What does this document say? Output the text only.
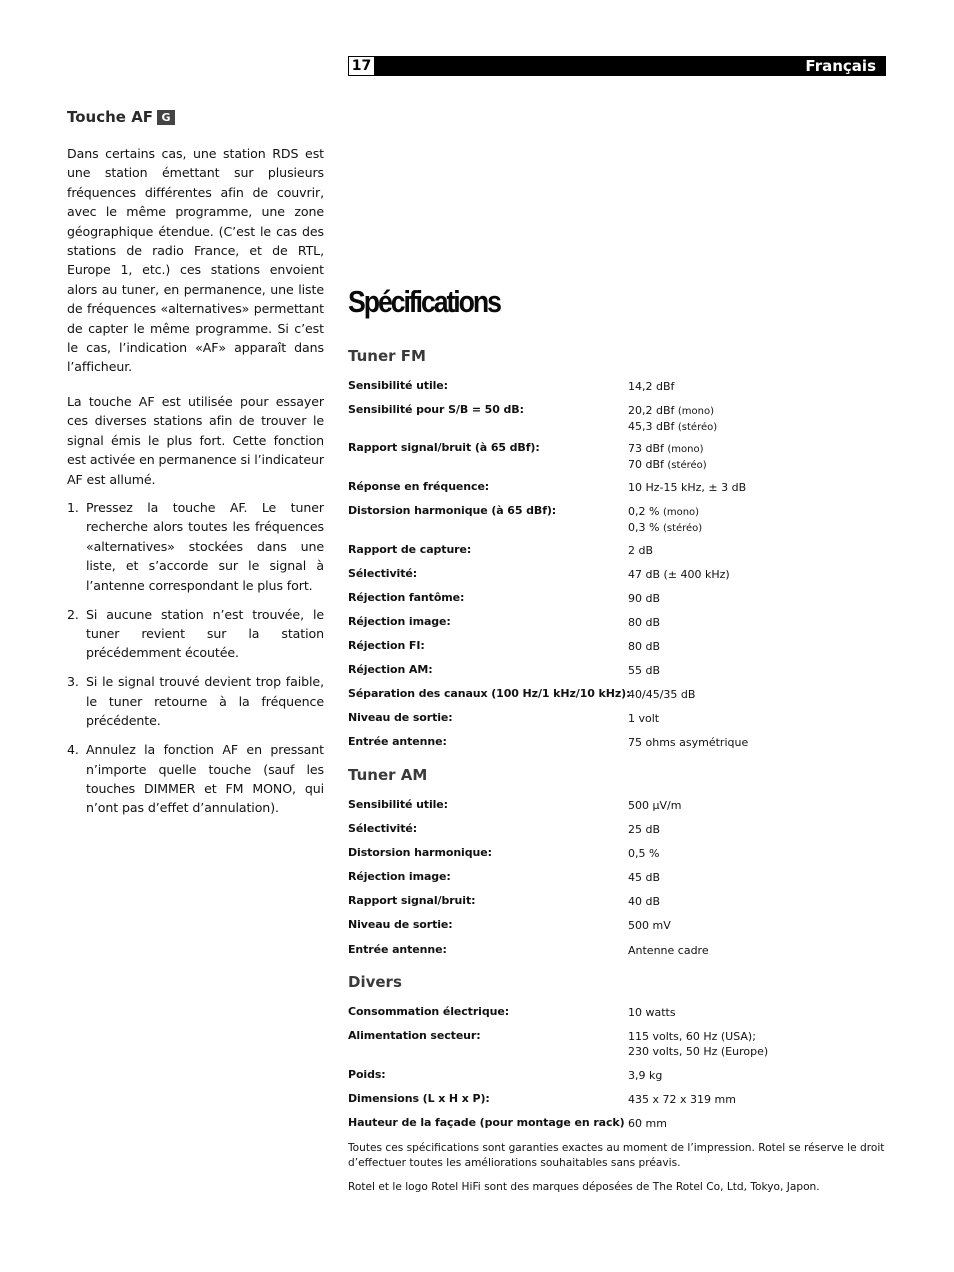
Français
17
Touche AF G

Dans certains cas, une station RDS est une station émettant sur plusieurs fréquences différentes afin de couvrir, avec le même programme, une zone géographique étendue. (C’est le cas des stations de radio France, et de RTL, Europe 1, etc.) ces stations envoient alors au tuner, en permanence, une liste de fréquences «alternatives» permettant de capter le même programme. Si c’est le cas, l’indication «AF» apparaît dans l’afficheur.

La touche AF est utilisée pour essayer ces diverses stations afin de trouver le signal émis le plus fort. Cette fonction est activée en permanence si l’indicateur AF est allumé.

1. Pressez la touche AF. Le tuner recherche alors toutes les fréquences «alternatives» stockées dans une liste, et s’accorde sur le signal à l’antenne correspondant le plus fort.
2. Si aucune station n’est trouvée, le tuner revient sur la station précédemment écoutée.
3. Si le signal trouvé devient trop faible, le tuner retourne à la fréquence précédente.
4. Annulez la fonction AF en pressant n’importe quelle touche (sauf les touches DIMMER et FM MONO, qui n’ont pas d’effet d’annulation).
Spécifications
Tuner FM
Sensibilité utile:	14,2 dBf
Sensibilité pour S/B = 50 dB:	20,2 dBf (mono)
45,3 dBf (stéréo)
Rapport signal/bruit (à 65 dBf):	73 dBf (mono)
70 dBf (stéréo)
Réponse en fréquence:	10 Hz-15 kHz, ± 3 dB
Distorsion harmonique (à 65 dBf):	0,2 % (mono)
0,3 % (stéréo)
Rapport de capture:	2 dB
Sélectivité:	47 dB (± 400 kHz)
Réjection fantôme:	90 dB
Réjection image:	80 dB
Réjection FI:	80 dB
Réjection AM:	55 dB
Séparation des canaux (100 Hz/1 kHz/10 kHz):
40/45/35 dB
Niveau de sortie:	1 volt
Entrée antenne:	75 ohms asymétrique
Tuner AM
Sensibilité utile:	500 µV/m
Sélectivité:	25 dB
Distorsion harmonique:	0,5 %
Réjection image:	45 dB
Rapport signal/bruit:	40 dB
Niveau de sortie:	500 mV
Entrée antenne:	Antenne cadre
Divers
Consommation électrique:	10 watts
Alimentation secteur:	115 volts, 60 Hz (USA);
230 volts, 50 Hz (Europe)
Poids:	3,9 kg
Dimensions (L x H x P):	435 x 72 x 319 mm
Hauteur de la façade (pour montage en rack) 60 mm

Toutes ces spécifications sont garanties exactes au moment de l’impression. Rotel se réserve le droit d’effectuer toutes les améliorations souhaitables sans préavis.

Rotel et le logo Rotel HiFi sont des marques déposées de The Rotel Co, Ltd, Tokyo, Japon.
